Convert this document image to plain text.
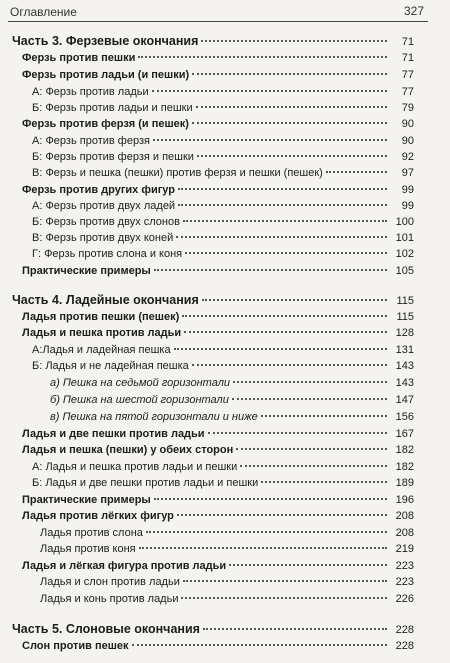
Оглавление	327
Часть 3. Ферзевые окончания	71
Ферзь против пешки	71
Ферзь против ладьи (и пешки)	77
А: Ферзь против ладьи	77
Б: Ферзь против ладьи и пешки	79
Ферзь против ферзя (и пешек)	90
А: Ферзь против ферзя	90
Б: Ферзь против ферзя и пешки	92
В: Ферзь и пешка (пешки) против ферзя и пешки (пешек)	97
Ферзь против других фигур	99
А: Ферзь против двух ладей	99
Б: Ферзь против двух слонов	100
В: Ферзь против двух коней	101
Г: Ферзь против слона и коня	102
Практические примеры	105
Часть 4. Ладейные окончания	115
Ладья против пешки (пешек)	115
Ладья и пешка против ладьи	128
А:Ладья и ладейная пешка	131
Б: Ладья и не ладейная пешка	143
а) Пешка на седьмой горизонтали	143
б) Пешка на шестой горизонтали	147
в) Пешка на пятой горизонтали и ниже	156
Ладья и две пешки против ладьи	167
Ладья и пешка (пешки) у обеих сторон	182
А: Ладья и пешка против ладьи и пешки	182
Б: Ладья и две пешки против ладьи и пешки	189
Практические примеры	196
Ладья против лёгких фигур	208
Ладья против слона	208
Ладья против коня	219
Ладья и лёгкая фигура против ладьи	223
Ладья и слон против ладьи	223
Ладья и конь против ладьи	226
Часть 5. Слоновые окончания	228
Слон против пешек	228
